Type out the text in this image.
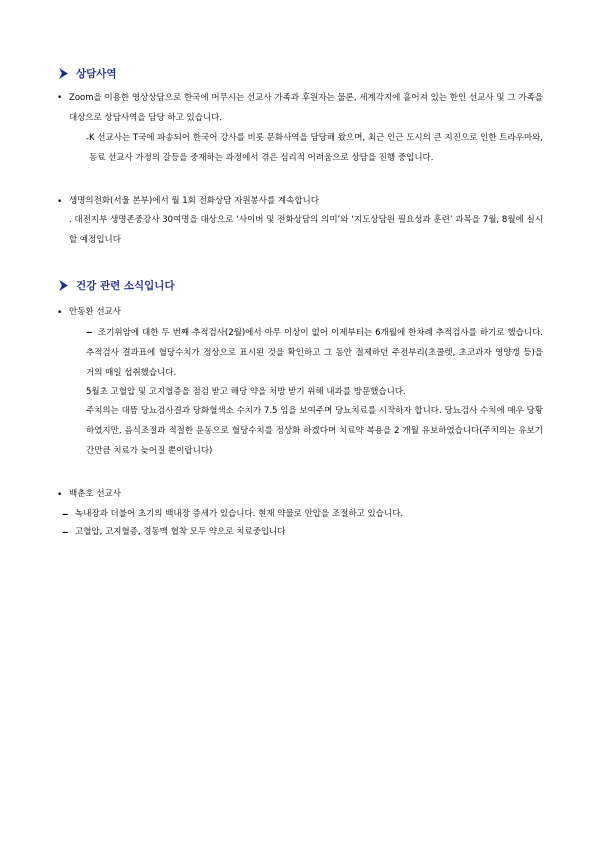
상담사역
• Zoom을 이용한 영상상담으로 한국에 머무시는 선교사 가족과 후원자는 물론, 세계각지에 흩어져 있는 한인 선교사 및 그 가족을 대상으로 상담사역을 담당 하고 있습니다.
- K 선교사는 T국에 파송되어 한국어 강사를 비롯 문화사역을 담당해 왔으며, 최근 인근 도시의 큰 지진으로 인한 트라우마와, 동료 선교사 가정의 갈등을 중재하는 과정에서 겪은 심리적 어려움으로 상담을 진행 중입니다.
• 생명의전화(서울 본부)에서 월 1회 전화상담 자원봉사를 계속합니다
. 대전지부 생명존중강사 30여명을 대상으로 ‘사이버 및 전화상담의 의미’와 ‘지도상담원 필요성과 훈련’ 과목을 7월, 8월에 실시할 예정입니다
건강 관련 소식입니다
• 안동환 선교사
‒ 조기위암에 대한 두 번째 추적검사(2월)에서 아무 이상이 없어 이제부터는 6개월에 한차례 추적검사를 하기로 했습니다. 추적검사 결과표에 혈당수치가 정상으로 표시된 것을 확인하고 그 동안 절제하던 주전부리(초콜렛, 초코과자 영양갱 등)을 거의 매일 섭취했습니다.
5월초 고혈압 및 고지혈증을 점검 받고 해당 약을 처방 받기 위해 내과를 방문했습니다.
주치의는 대뜸 당뇨검사결과 당화혈색소 수치가 7.5 임을 보여주며 당뇨치료를 시작하자 합니다. 당뇨검사 수치에 매우 당황하였지만, 음식조절과 적절한 운동으로 혈당수치를 정상화 하겠다며 치료약 복용을 2 개월 유보하였습니다(주치의는 유보기간만큼 치료가 늦어질 뿐이랍니다)
• 백춘호 선교사
‒ 녹내장과 더불어 초기의 백내장 증세가 있습니다. 현재 약물로 안압을 조절하고 있습니다.
‒ 고혈압, 고지혈증, 경동맥 협착 모두 약으로 치료중입니다
